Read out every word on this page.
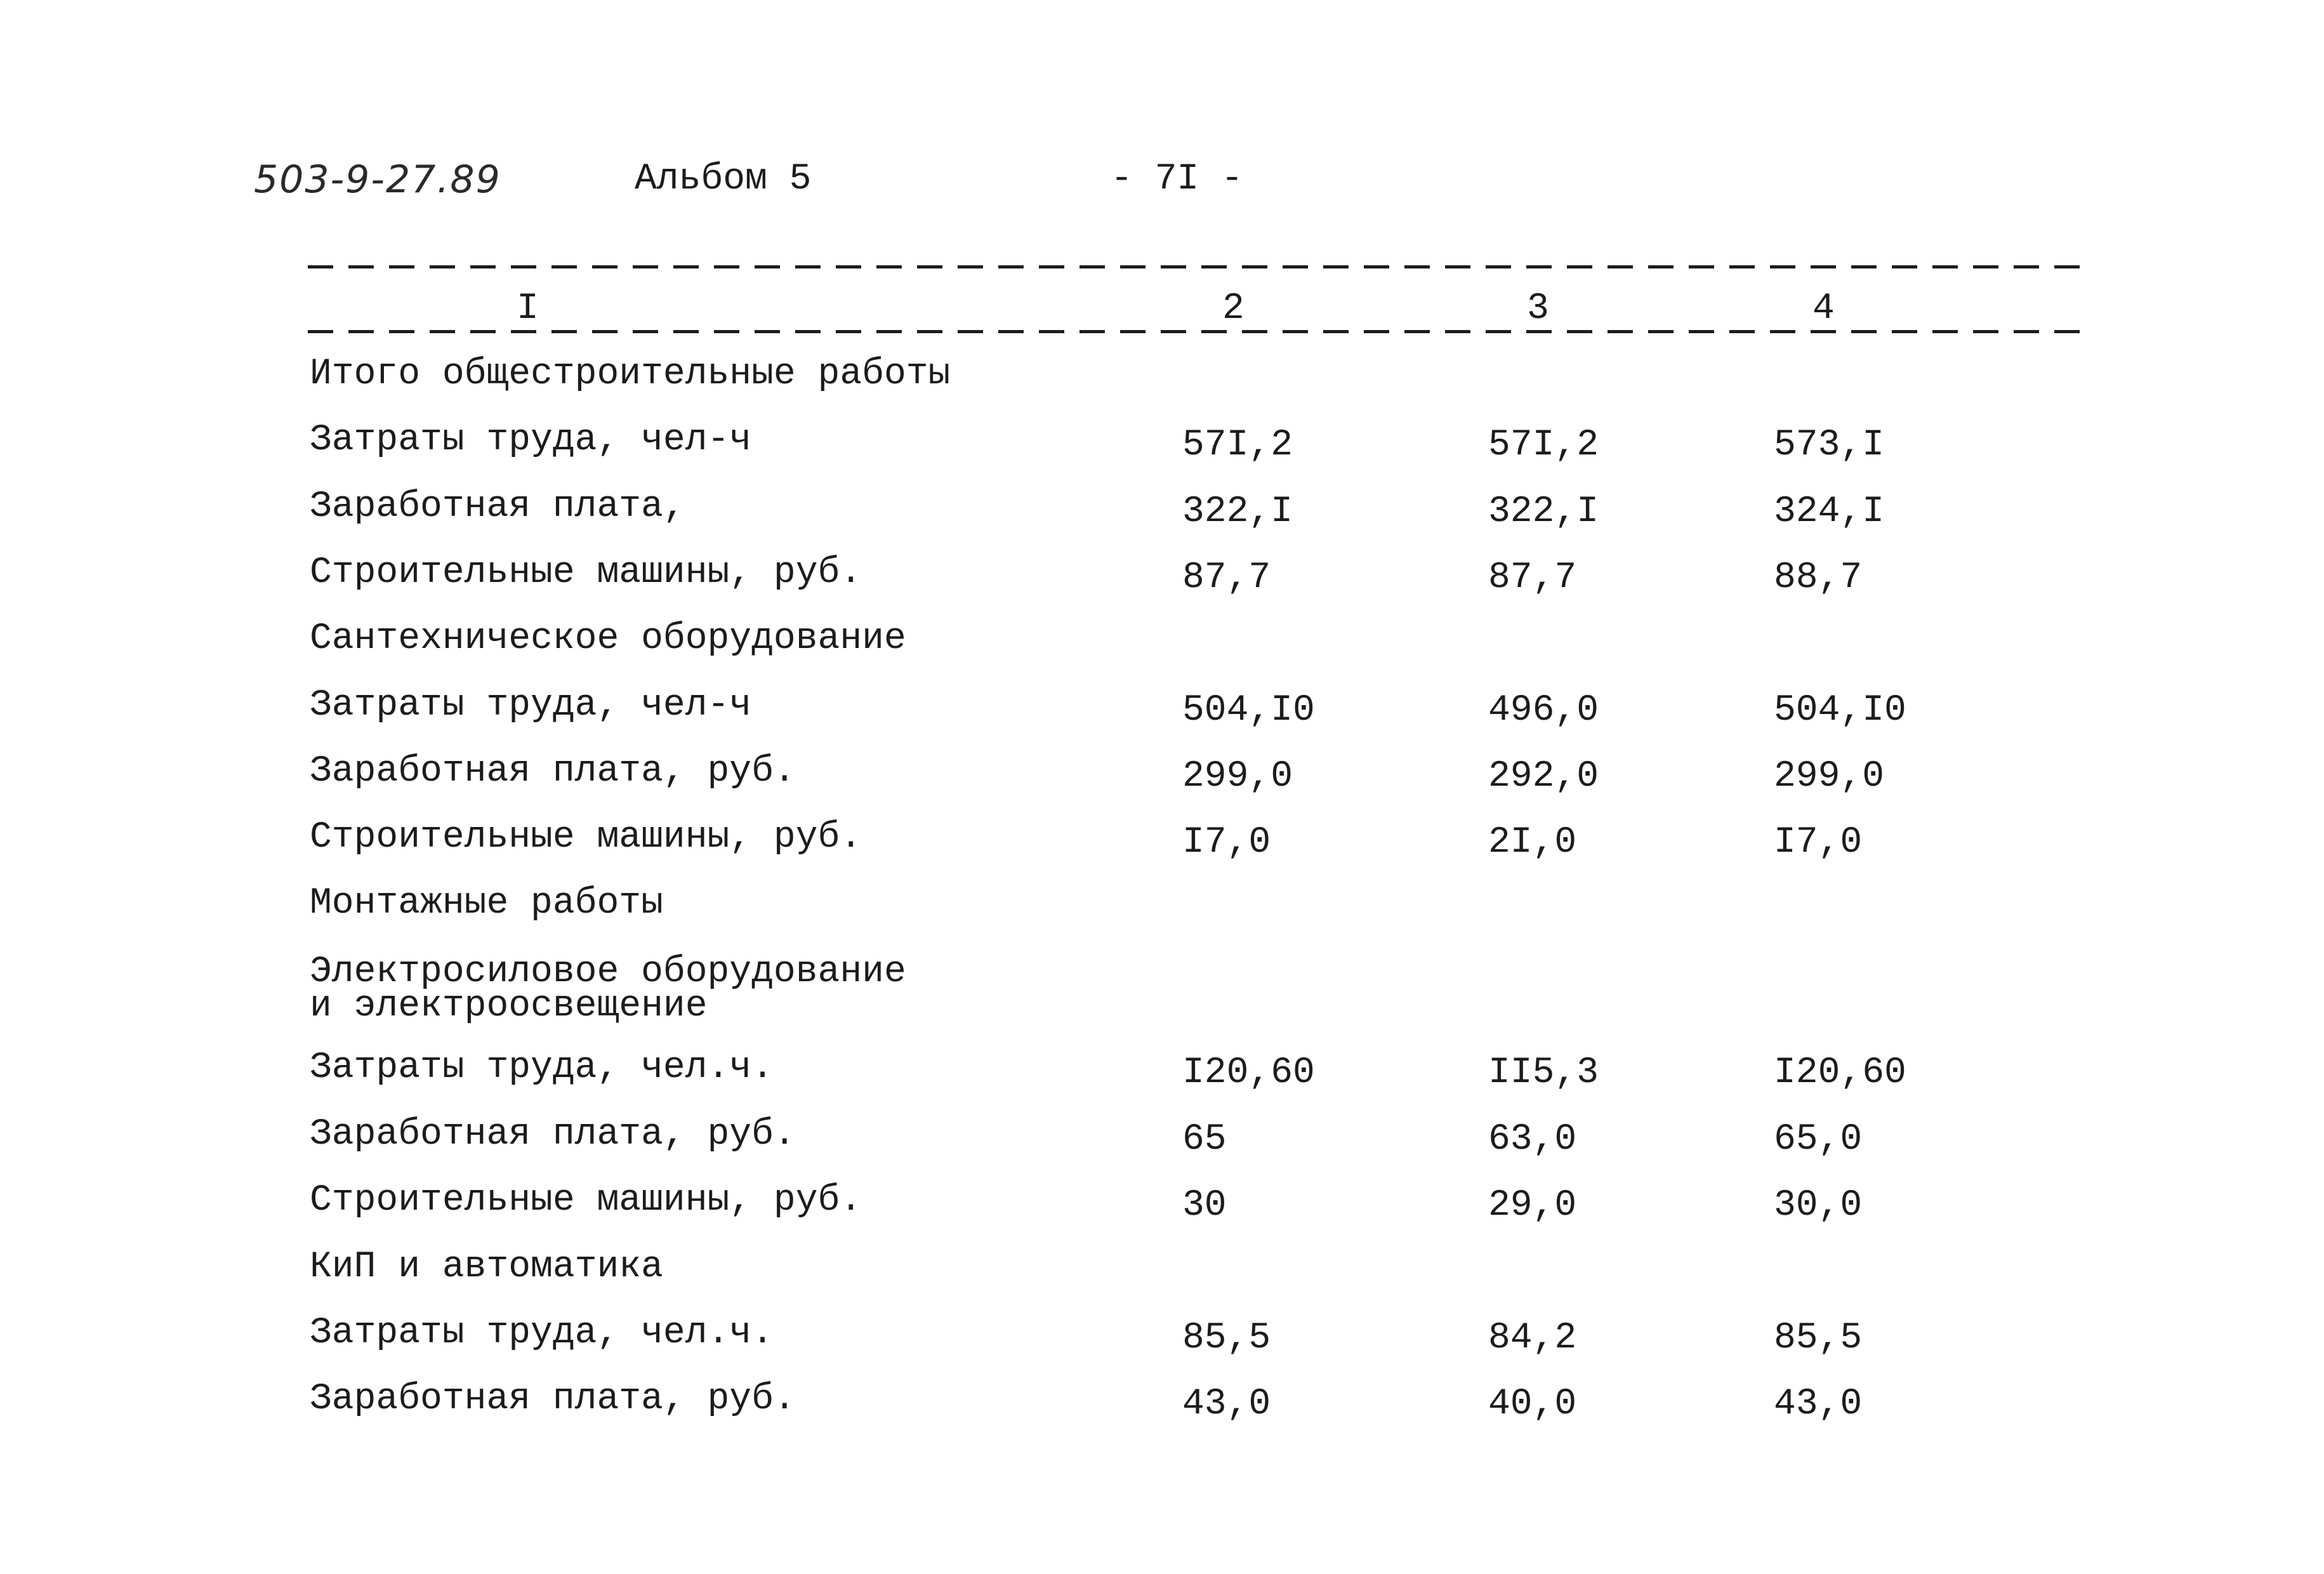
503-9-27.89	Альбом 5	- 7I -
I	2	3	4
Итого общестроительные работы
Затраты труда, чел-ч	57I,2	57I,2	573,I
Заработная плата,	322,I	322,I	324,I
Строительные машины, руб.	87,7	87,7	88,7
Сантехническое оборудование
Затраты труда, чел-ч	504,I0	496,0	504,I0
Заработная плата, руб.	299,0	292,0	299,0
Строительные машины, руб.	I7,0	2I,0	I7,0
Монтажные работы
Электросиловое оборудование
и электроосвещение
Затраты труда, чел.ч.	I20,60	II5,3	I20,60
Заработная плата, руб.	65	63,0	65,0
Строительные машины, руб.	30	29,0	30,0
КиП и автоматика
Затраты труда, чел.ч.	85,5	84,2	85,5
Заработная плата, руб.	43,0	40,0	43,0
